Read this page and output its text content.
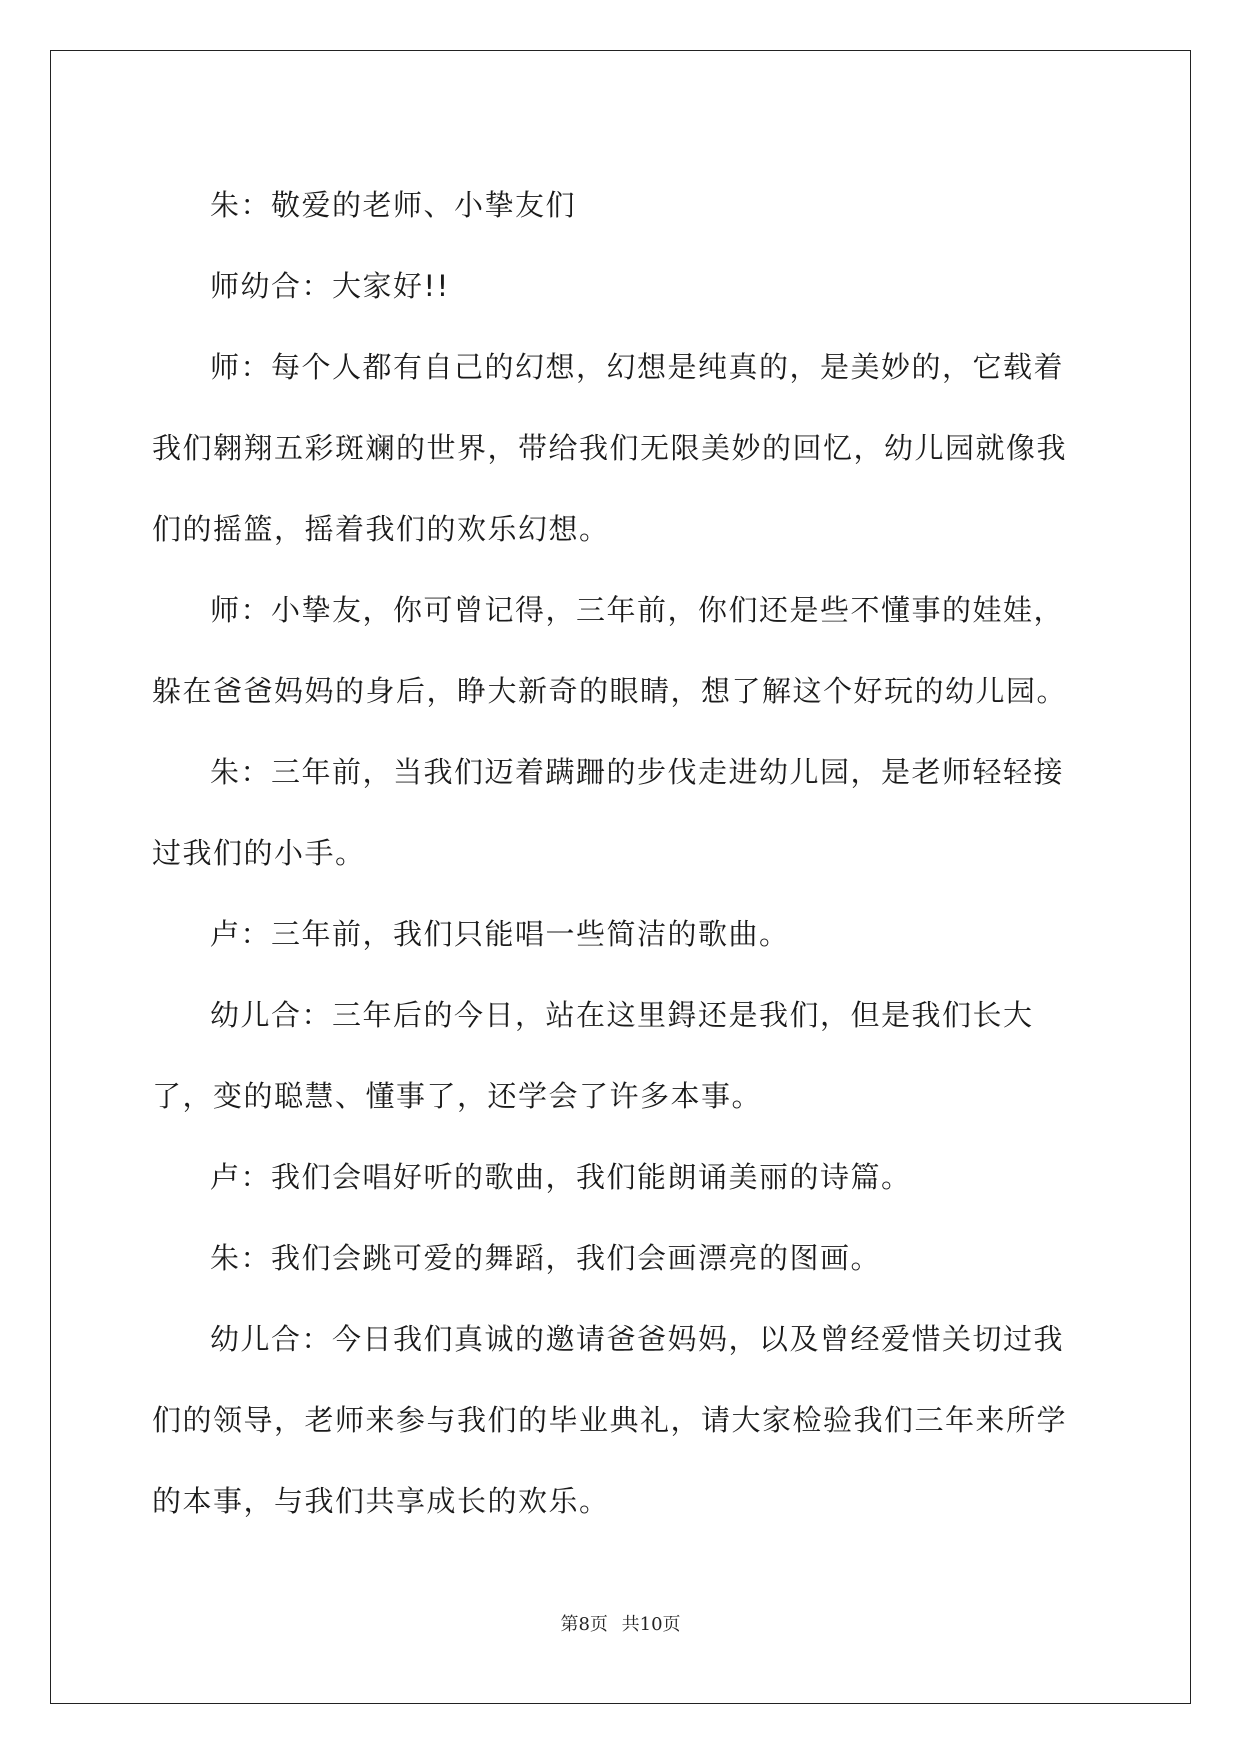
朱：敬爱的老师、小挚友们

师幼合：大家好!!

师：每个人都有自己的幻想，幻想是纯真的，是美妙的，它载着我们翱翔五彩斑斓的世界，带给我们无限美妙的回忆，幼儿园就像我们的摇篮，摇着我们的欢乐幻想。

师：小挚友，你可曾记得，三年前，你们还是些不懂事的娃娃，躲在爸爸妈妈的身后，睁大新奇的眼睛，想了解这个好玩的幼儿园。

朱：三年前，当我们迈着蹒跚的步伐走进幼儿园，是老师轻轻接过我们的小手。

卢：三年前，我们只能唱一些简洁的歌曲。

幼儿合：三年后的今日，站在这里鍀还是我们，但是我们长大了，变的聪慧、懂事了，还学会了许多本事。

卢：我们会唱好听的歌曲，我们能朗诵美丽的诗篇。

朱：我们会跳可爱的舞蹈，我们会画漂亮的图画。

幼儿合：今日我们真诚的邀请爸爸妈妈，以及曾经爱惜关切过我们的领导，老师来参与我们的毕业典礼，请大家检验我们三年来所学的本事，与我们共享成长的欢乐。

第8页 共10页
